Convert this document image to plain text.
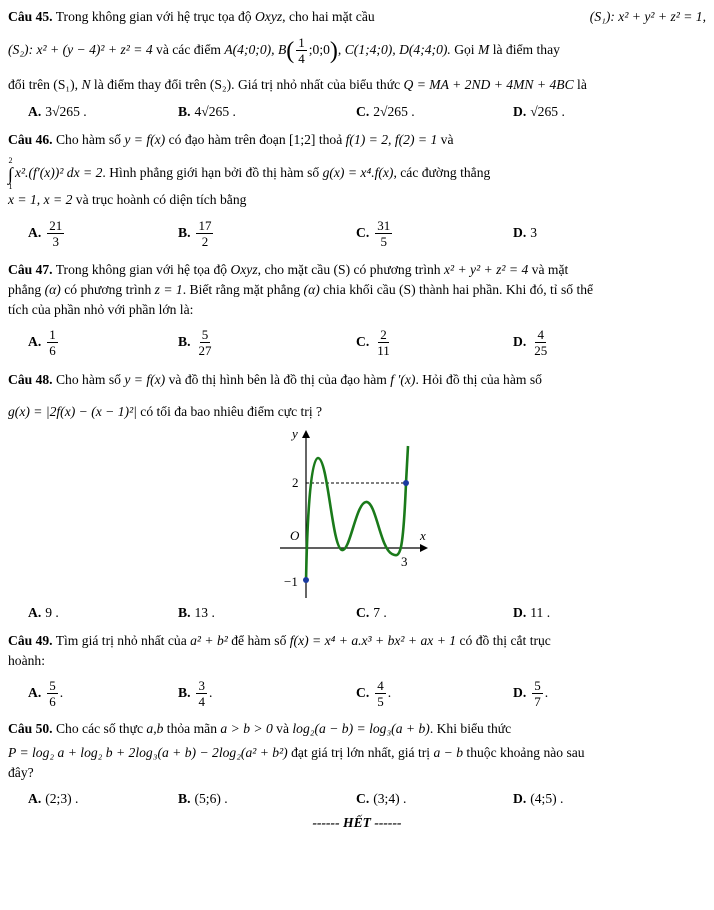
Câu 45. Trong không gian với hệ trục tọa độ Oxyz, cho hai mặt cầu	(S₁): x² + y² + z² = 1,
(S₂): x² + (y − 4)² + z² = 4 và các điểm A(4;0;0), $B( \frac{1}{4}$ ;0;0), C(1;4;0), D(4;4;0). Gọi M là điểm thay
đổi trên (S₁), N là điểm thay đổi trên (S₂). Giá trị nhỏ nhất của biểu thức Q = MA + 2ND + 4MN + 4BC là
A. 3√265 .	B. 4√265 .	C. 2√265 .	D. √265 .
Câu 46. Cho hàm số y = f(x) có đạo hàm trên đoạn [1;2] thoả f(1) = 2, f(2) = 1 và
2
∫
1
x².(f′(x))² dx = 2. Hình phẳng giới hạn bởi đồ thị hàm số g(x) = x⁴.f(x), các đường thẳng
x = 1, x = 2 và trục hoành có diện tích bằng
A. $\frac{21}{3}$	B. $\frac{17}{2}$	C. $\frac{31}{5}$	D. 3
Câu 47. Trong không gian với hệ tọa độ Oxyz, cho mặt cầu (S) có phương trình x² + y² + z² = 4 và mặt
phẳng (α) có phương trình z = 1. Biết rằng mặt phẳng (α) chia khối cầu (S) thành hai phần. Khi đó, tỉ số thể
tích của phần nhỏ với phần lớn là:
A. $\frac{1}{6}$	B. $\frac{5}{27}$	C. $\frac{2}{11}$	D. $\frac{4}{25}$
Câu 48. Cho hàm số y = f(x) và đồ thị hình bên là đồ thị của đạo hàm f ′(x). Hỏi đồ thị của hàm số
g(x) = |2f(x) − (x − 1)²| có tối đa bao nhiêu điểm cực trị ?
y
x
O
2
3
−1
A. 9 .	B. 13 .	C. 7 .	D. 11 .
Câu 49. Tìm giá trị nhỏ nhất của a² + b² để hàm số f(x) = x⁴ + a.x³ + bx² + ax + 1 có đồ thị cắt trục
hoành:
A. $\frac{5}{6}$ .	B. $\frac{3}{4}$ .	C. $\frac{4}{5}$ .	D. $\frac{5}{7}$ .
Câu 50. Cho các số thực a,b thỏa mãn a > b > 0 và log₂(a − b) = log₃(a + b). Khi biểu thức
P = log₂ a + log₂ b + 2log₃(a + b) − 2log₂(a² + b²) đạt giá trị lớn nhất, giá trị a − b thuộc khoảng nào sau
đây?
A. (2;3) .	B. (5;6) .	C. (3;4) .	D. (4;5) .
------ HẾT ------
